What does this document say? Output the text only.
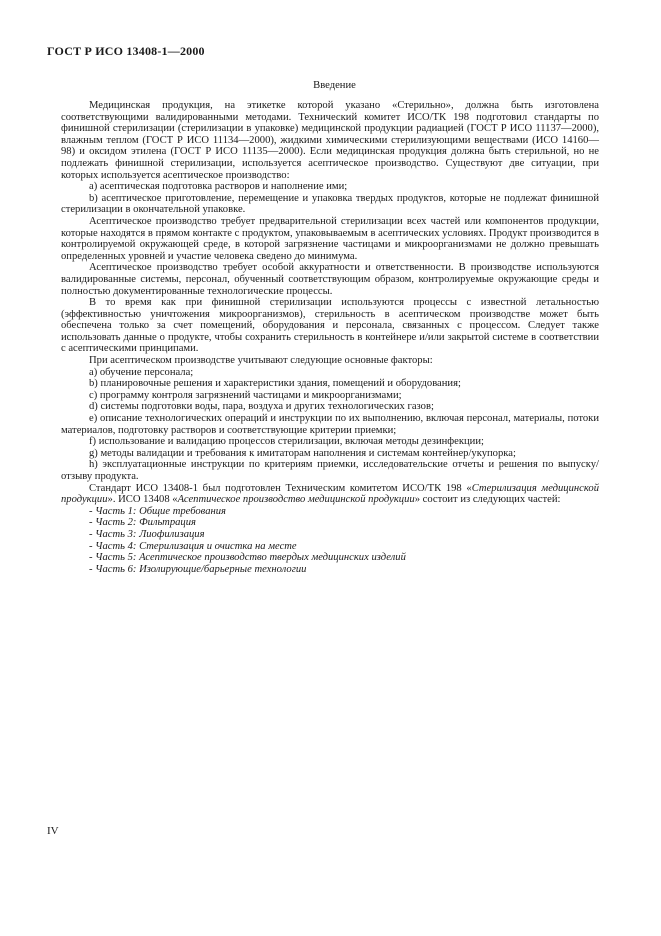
ГОСТ Р ИСО 13408-1—2000
Введение

Медицинская продукция, на этикетке которой указано «Стерильно», должна быть изготовлена соответствующими валидированными методами. Технический комитет ИСО/ТК 198 подготовил стандарты по финишной стерилизации (стерилизации в упаковке) медицинской продукции радиацией (ГОСТ Р ИСО 11137—2000), влажным теплом (ГОСТ Р ИСО 11134—2000), жидкими химическими стерилизующими веществами (ИСО 14160—98) и оксидом этилена (ГОСТ Р ИСО 11135—2000). Если медицинская продукция должна быть стерильной, но не подлежать финишной стерилизации, используется асептическое производство. Существуют две ситуации, при которых используется асептическое производство:

a) асептическая подготовка растворов и наполнение ими;
b) асептическое приготовление, перемещение и упаковка твердых продуктов, которые не подлежат финишной стерилизации в окончательной упаковке.

Асептическое производство требует предварительной стерилизации всех частей или компонентов продукции, которые находятся в прямом контакте с продуктом, упаковываемым в асептических условиях. Продукт производится в контролируемой окружающей среде, в которой загрязнение частицами и микроорганизмами не должно превышать определенных уровней и участие человека сведено до минимума.

Асептическое производство требует особой аккуратности и ответственности. В производстве используются валидированные системы, персонал, обученный соответствующим образом, контролируемые окружающие среды и полностью документированные технологические процессы.

В то время как при финишной стерилизации используются процессы с известной летальностью (эффективностью уничтожения микроорганизмов), стерильность в асептическом производстве может быть обеспечена только за счет помещений, оборудования и персонала, связанных с процессом. Следует также использовать данные о продукте, чтобы сохранить стерильность в контейнере и/или закрытой системе в соответствии с асептическими принципами.

При асептическом производстве учитывают следующие основные факторы:
a) обучение персонала;
b) планировочные решения и характеристики здания, помещений и оборудования;
c) программу контроля загрязнений частицами и микроорганизмами;
d) системы подготовки воды, пара, воздуха и других технологических газов;
e) описание технологических операций и инструкции по их выполнению, включая персонал, материалы, потоки материалов, подготовку растворов и соответствующие критерии приемки;
f) использование и валидацию процессов стерилизации, включая методы дезинфекции;
g) методы валидации и требования к имитаторам наполнения и системам контейнер/укупорка;
h) эксплуатационные инструкции по критериям приемки, исследовательские отчеты и решения по выпуску/отзыву продукта.

Стандарт ИСО 13408-1 был подготовлен Техническим комитетом ИСО/ТК 198 «Стерилизация медицинской продукции». ИСО 13408 «Асептическое производство медицинской продукции» состоит из следующих частей:

- Часть 1: Общие требования
- Часть 2: Фильтрация
- Часть 3: Лиофилизация
- Часть 4: Стерилизация и очистка на месте
- Часть 5: Асептическое производство твердых медицинских изделий
- Часть 6: Изолирующие/барьерные технологии
IV
